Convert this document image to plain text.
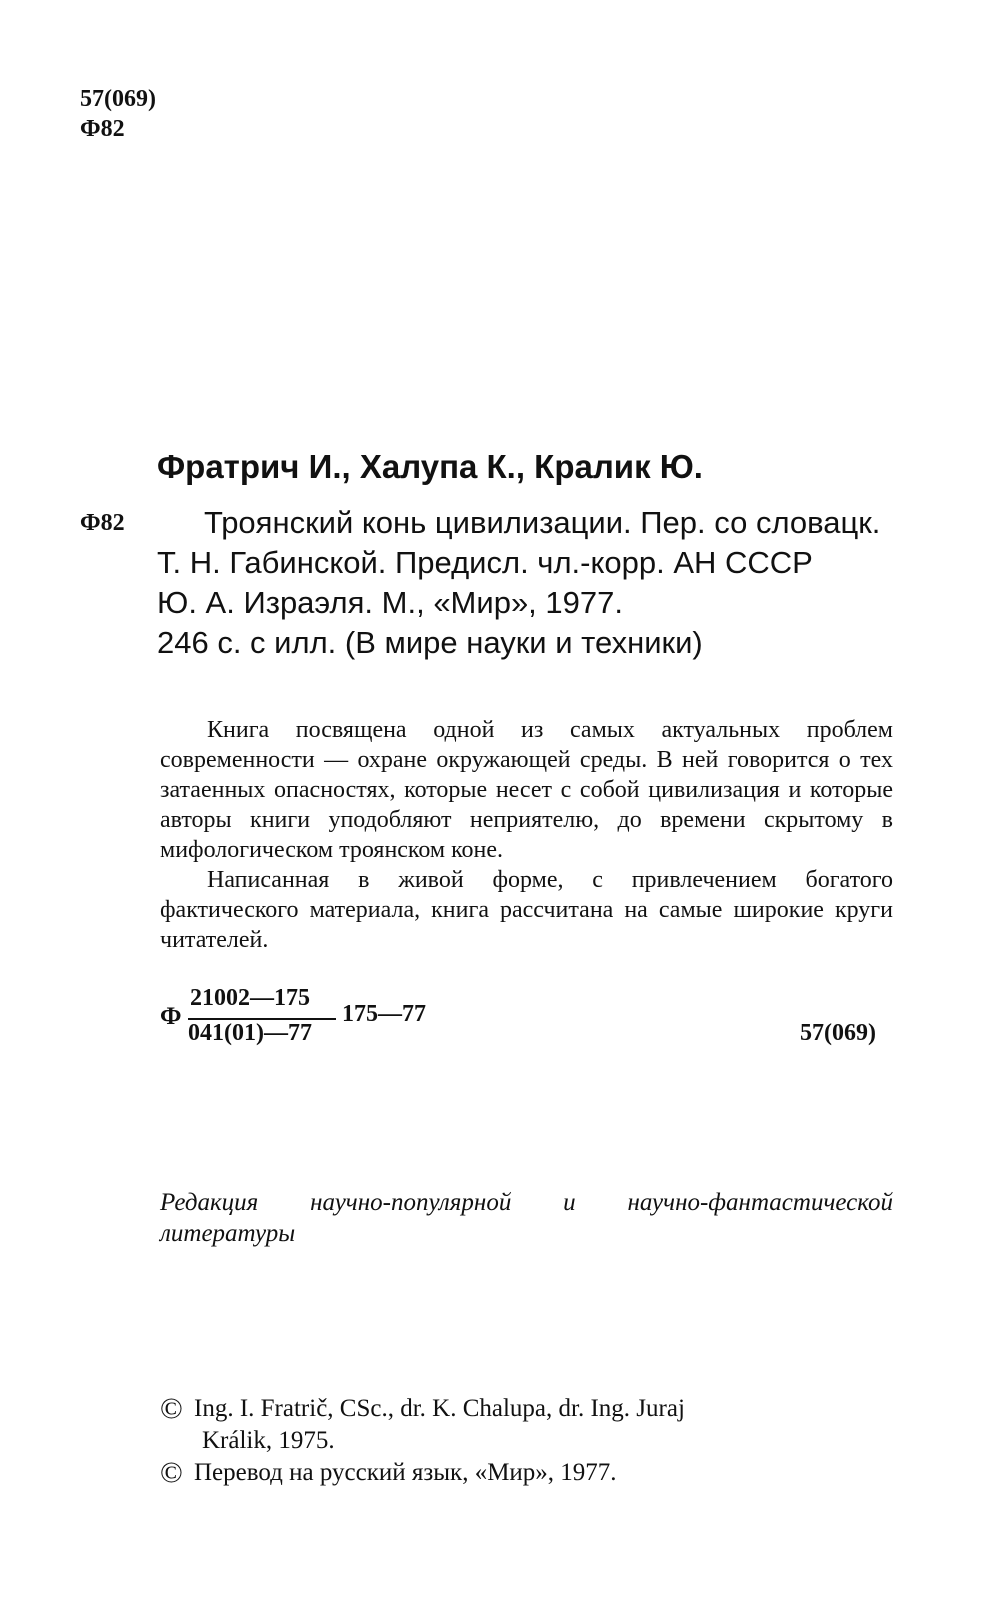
57(069)
Ф82
Фратрич И., Халупа К., Кралик Ю.
Ф82	Троянский конь цивилизации. Пер. со словацк.
Т. Н. Габинской. Предисл. чл.-корр. АН СССР
Ю. А. Израэля. М., «Мир», 1977.
246 с. с илл. (В мире науки и техники)

Книга посвящена одной из самых актуальных проблем современности — охране окружающей среды. В ней говорится о тех затаенных опасностях, которые несет с собой цивилизация и которые авторы книги уподобляют неприятелю, до времени скрытому в мифологическом троянском коне.

Написанная в живой форме, с привлечением богатого фактического материала, книга рассчитана на самые широкие круги читателей.

Ф
21002—175
041(01)—77
175—77
57(069)
Редакция научно-популярной и научно-фантастической
литературы
© Ing. I. Fratrič, CSc., dr. K. Chalupa, dr. Ing. Juraj
Králik, 1975.
© Перевод на русский язык, «Мир», 1977.
